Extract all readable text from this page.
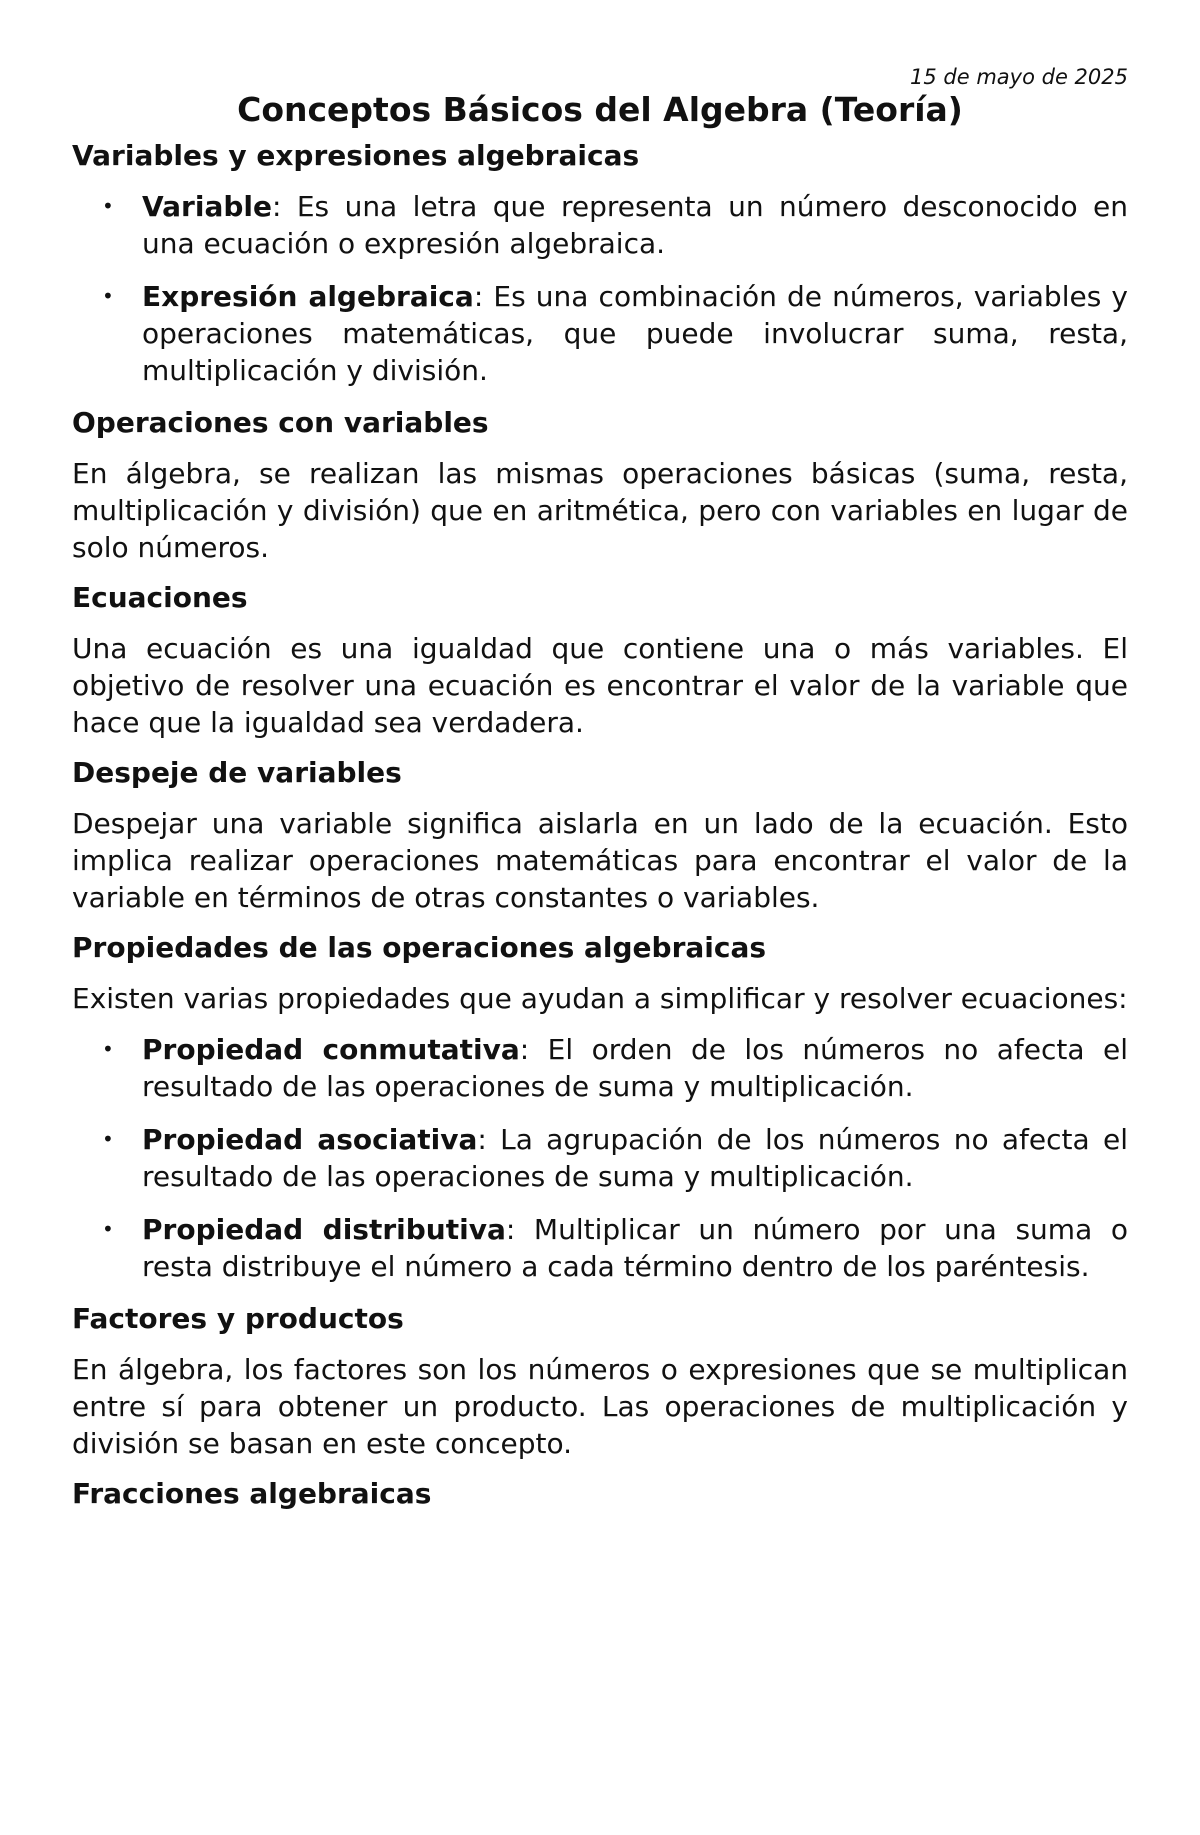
15 de mayo de 2025

Conceptos Básicos del Algebra (Teoría)
Variables y expresiones algebraicas
• Variable: Es una letra que representa un número desconocido en una ecuación o expresión algebraica.
• Expresión algebraica: Es una combinación de números, variables y operaciones matemáticas, que puede involucrar suma, resta, multiplicación y división.
Operaciones con variables

En álgebra, se realizan las mismas operaciones básicas (suma, resta, multiplicación y división) que en aritmética, pero con variables en lugar de solo números.

Ecuaciones

Una ecuación es una igualdad que contiene una o más variables. El objetivo de resolver una ecuación es encontrar el valor de la variable que hace que la igualdad sea verdadera.

Despeje de variables

Despejar una variable significa aislarla en un lado de la ecuación. Esto implica realizar operaciones matemáticas para encontrar el valor de la variable en términos de otras constantes o variables.

Propiedades de las operaciones algebraicas

Existen varias propiedades que ayudan a simplificar y resolver ecuaciones:

• Propiedad conmutativa: El orden de los números no afecta el resultado de las operaciones de suma y multiplicación.
• Propiedad asociativa: La agrupación de los números no afecta el resultado de las operaciones de suma y multiplicación.
• Propiedad distributiva: Multiplicar un número por una suma o resta distribuye el número a cada término dentro de los paréntesis.
Factores y productos

En álgebra, los factores son los números o expresiones que se multiplican entre sí para obtener un producto. Las operaciones de multiplicación y división se basan en este concepto.

Fracciones algebraicas
